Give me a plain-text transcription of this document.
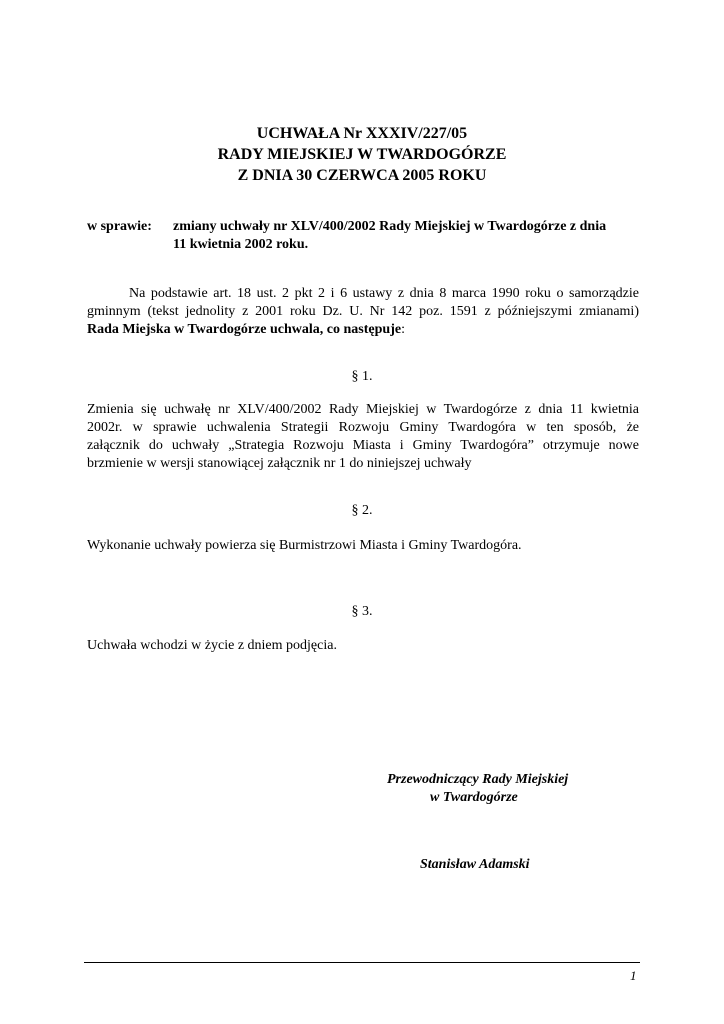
UCHWAŁA Nr XXXIV/227/05
RADY MIEJSKIEJ W TWARDOGÓRZE
Z DNIA 30 CZERWCA 2005 ROKU
w sprawie: zmiany uchwały nr XLV/400/2002 Rady Miejskiej w Twardogórze z dnia
11 kwietnia 2002 roku.
Na podstawie art. 18 ust. 2 pkt 2 i 6 ustawy z dnia 8 marca 1990 roku o samorządzie
gminnym (tekst jednolity z 2001 roku Dz. U. Nr 142 poz. 1591 z późniejszymi zmianami)
Rada Miejska w Twardogórze uchwala, co następuje:
§ 1.
Zmienia się uchwałę nr XLV/400/2002 Rady Miejskiej w Twardogórze z dnia 11 kwietnia
2002r. w sprawie uchwalenia Strategii Rozwoju Gminy Twardogóra w ten sposób, że
załącznik do uchwały „Strategia Rozwoju Miasta i Gminy Twardogóra” otrzymuje nowe
brzmienie w wersji stanowiącej załącznik nr 1 do niniejszej uchwały
§ 2.
Wykonanie uchwały powierza się Burmistrzowi Miasta i Gminy Twardogóra.
§ 3.
Uchwała wchodzi w życie z dniem podjęcia.
Przewodniczący Rady Miejskiej
w Twardogórze
Stanisław Adamski
1
